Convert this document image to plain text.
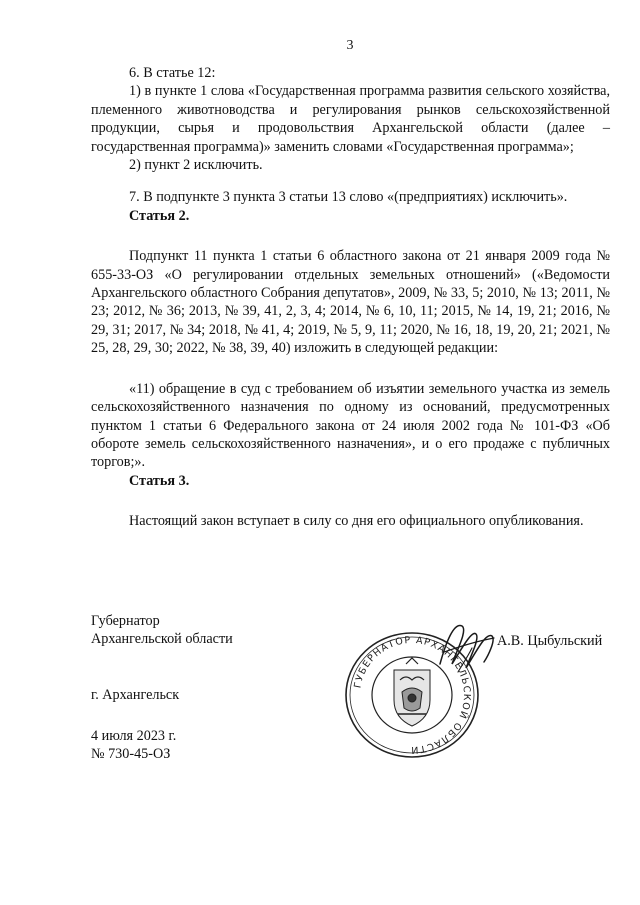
3

6. В статье 12:

1) в пункте 1 слова «Государственная программа развития сельского хозяйства, племенного животноводства и регулирования рынков сельскохозяйственной продукции, сырья и продовольствия Архангельской области (далее – государственная программа)» заменить словами «Государственная программа»;

2) пункт 2 исключить.

7. В подпункте 3 пункта 3 статьи 13 слово «(предприятиях) исключить».

Статья 2.

Подпункт 11 пункта 1 статьи 6 областного закона от 21 января 2009 года № 655-33-ОЗ «О регулировании отдельных земельных отношений» («Ведомости Архангельского областного Собрания депутатов», 2009, № 33, 5; 2010, № 13; 2011, № 23; 2012, № 36; 2013, № 39, 41, 2, 3, 4; 2014, № 6, 10, 11; 2015, № 14, 19, 21; 2016, № 29, 31; 2017, № 34; 2018, № 41, 4; 2019, № 5, 9, 11; 2020, № 16, 18, 19, 20, 21; 2021, № 25, 28, 29, 30; 2022, № 38, 39, 40) изложить в следующей редакции:

«11) обращение в суд с требованием об изъятии земельного участка из земель сельскохозяйственного назначения по одному из оснований, предусмотренных пунктом 1 статьи 6 Федерального закона от 24 июля 2002 года № 101-ФЗ «Об обороте земель сельскохозяйственного назначения», и о его продаже с публичных торгов;».

Статья 3.

Настоящий закон вступает в силу со дня его официального опубликования.

Губернатор
Архангельской области	А.В. Цыбульский
г. Архангельск
4 июля 2023 г.
№ 730-45-ОЗ
ГУБЕРНАТОР АРХАНГЕЛЬСКОЙ ОБЛАСТИ
